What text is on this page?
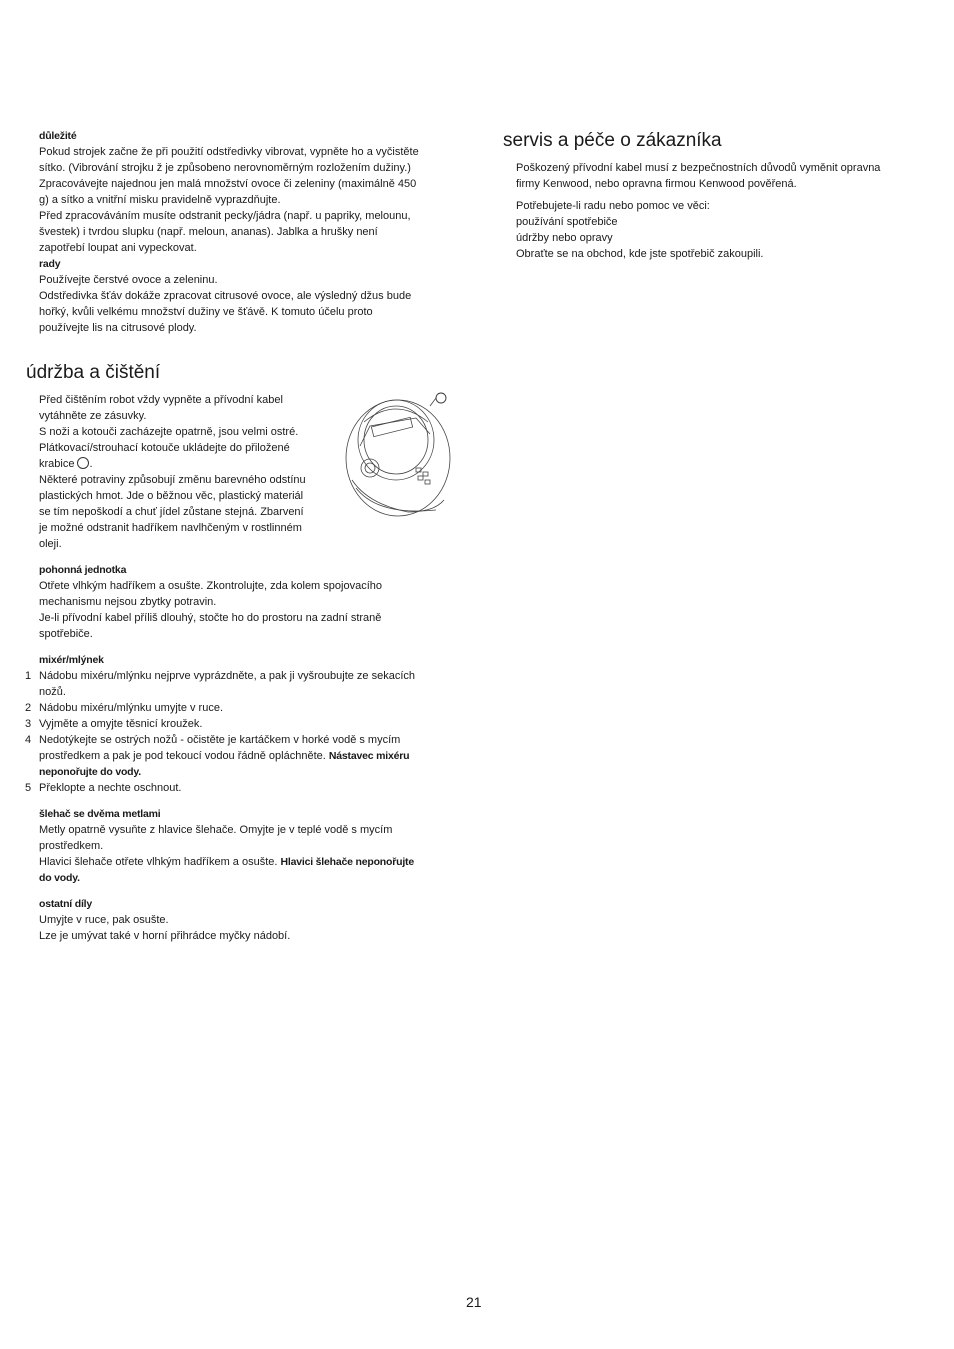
důležité

Pokud strojek začne že při použití odstředivky vibrovat, vypněte ho a vyčistěte

sítko. (Vibrování strojku ž je způsobeno nerovnoměrným rozložením dužiny.)

Zpracovávejte najednou jen malá množství ovoce či zeleniny (maximálně 450

g) a sítko a vnitřní misku pravidelně vyprazdňujte.

Před zpracováváním musíte odstranit pecky/jádra (např. u papriky, melounu,

švestek) i tvrdou slupku (např. meloun, ananas). Jablka a hrušky není

zapotřebí loupat ani vypeckovat.

rady

Používejte čerstvé ovoce a zeleninu.

Odstředivka šťáv dokáže zpracovat citrusové ovoce, ale výsledný džus bude

hořký, kvůli velkému množství dužiny ve šťávě. K tomuto účelu proto

používejte lis na citrusové plody.

údržba a čištění

Před čištěním robot vždy vypněte a přívodní kabel

vytáhněte ze zásuvky.

S noži a kotouči zacházejte opatrně, jsou velmi ostré.

Plátkovací/strouhací kotouče ukládejte do přiložené

krabice .

Některé potraviny způsobují změnu barevného odstínu

plastických hmot. Jde o běžnou věc, plastický materiál

se tím nepoškodí a chuť jídel zůstane stejná. Zbarvení

je možné odstranit hadříkem navlhčeným v rostlinném

oleji.

pohonná jednotka

Otřete vlhkým hadříkem a osušte. Zkontrolujte, zda kolem spojovacího

mechanismu nejsou zbytky potravin.

Je-li přívodní kabel příliš dlouhý, stočte ho do prostoru na zadní straně

spotřebiče.

mixér/mlýnek

1 Nádobu mixéru/mlýnku nejprve vyprázdněte, a pak ji vyšroubujte ze sekacích

nožů.

2 Nádobu mixéru/mlýnku umyjte v ruce.

3 Vyjměte a omyjte těsnicí kroužek.

4 Nedotýkejte se ostrých nožů - očistěte je kartáčkem v horké vodě s mycím

prostředkem a pak je pod tekoucí vodou řádně opláchněte. Nástavec mixéru

neponořujte do vody.

5 Překlopte a nechte oschnout.

šlehač se dvěma metlami

Metly opatrně vysuňte z hlavice šlehače. Omyjte je v teplé vodě s mycím

prostředkem.

Hlavici šlehače otřete vlhkým hadříkem a osušte. Hlavici šlehače neponořujte

do vody.

ostatní díly

Umyjte v ruce, pak osušte.

Lze je umývat také v horní přihrádce myčky nádobí.

servis a péče o zákazníka

Poškozený přívodní kabel musí z bezpečnostních důvodů vyměnit opravna

firmy Kenwood, nebo opravna firmou Kenwood pověřená.

Potřebujete-li radu nebo pomoc ve věci:

používání spotřebiče

údržby nebo opravy

Obraťte se na obchod, kde jste spotřebič zakoupili.

21
